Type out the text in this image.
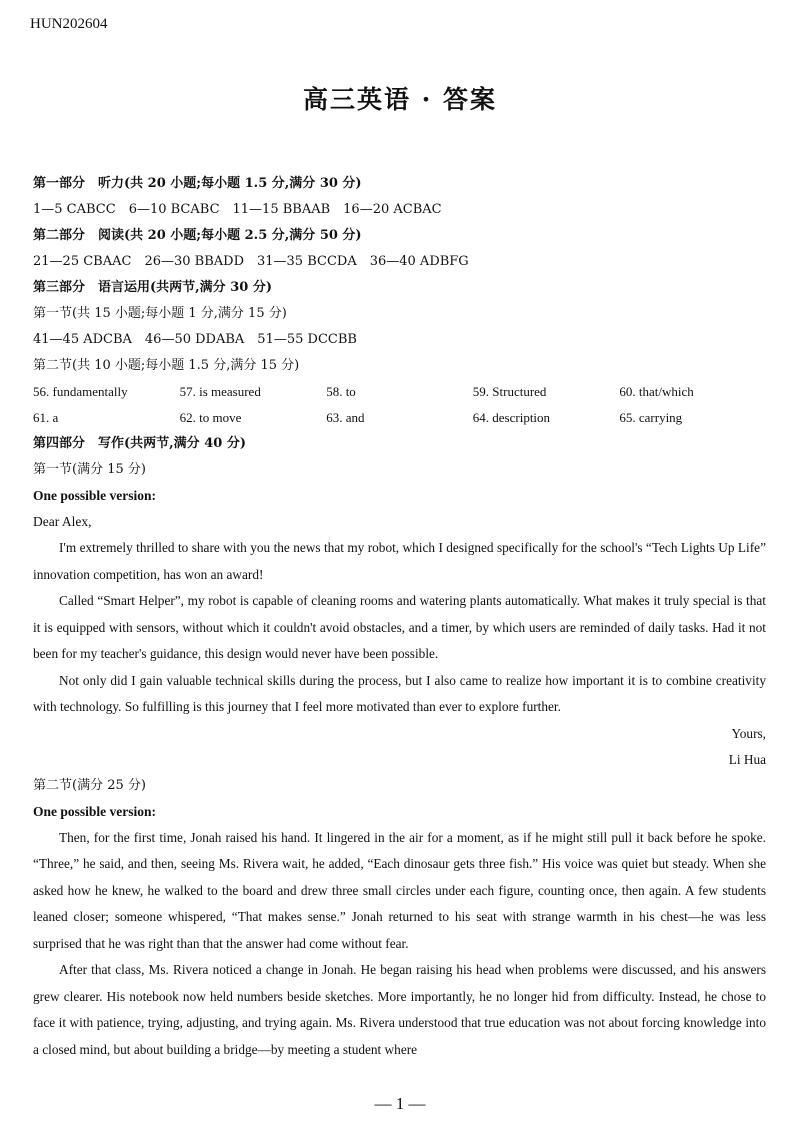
HUN202604
高三英语 · 答案
第一部分　听力(共 20 小题;每小题 1.5 分,满分 30 分)
1—5 CABCC　6—10 BCABC　11—15 BBAAB　16—20 ACBAC
第二部分　阅读(共 20 小题;每小题 2.5 分,满分 50 分)
21—25 CBAAC　26—30 BBADD　31—35 BCCDA　36—40 ADBFG
第三部分　语言运用(共两节,满分 30 分)
第一节(共 15 小题;每小题 1 分,满分 15 分)
41—45 ADCBA　46—50 DDABA　51—55 DCCBB
第二节(共 10 小题;每小题 1.5 分,满分 15 分)
56. fundamentally	57. is measured	58. to	59. Structured	60. that/which
61. a	62. to move	63. and	64. description	65. carrying
第四部分　写作(共两节,满分 40 分)
第一节(满分 15 分)
One possible version:
Dear Alex,

I'm extremely thrilled to share with you the news that my robot, which I designed specifically for the school's “Tech Lights Up Life” innovation competition, has won an award!

Called “Smart Helper”, my robot is capable of cleaning rooms and watering plants automatically. What makes it truly special is that it is equipped with sensors, without which it couldn't avoid obstacles, and a timer, by which users are reminded of daily tasks. Had it not been for my teacher's guidance, this design would never have been possible.

Not only did I gain valuable technical skills during the process, but I also came to realize how important it is to combine creativity with technology. So fulfilling is this journey that I feel more motivated than ever to explore further.

Yours,
Li Hua
第二节(满分 25 分)
One possible version:

Then, for the first time, Jonah raised his hand. It lingered in the air for a moment, as if he might still pull it back before he spoke. “Three,” he said, and then, seeing Ms. Rivera wait, he added, “Each dinosaur gets three fish.” His voice was quiet but steady. When she asked how he knew, he walked to the board and drew three small circles under each figure, counting once, then again. A few students leaned closer; someone whispered, “That makes sense.” Jonah returned to his seat with strange warmth in his chest—he was less surprised that he was right than that the answer had come without fear.

After that class, Ms. Rivera noticed a change in Jonah. He began raising his head when problems were discussed, and his answers grew clearer. His notebook now held numbers beside sketches. More importantly, he no longer hid from difficulty. Instead, he chose to face it with patience, trying, adjusting, and trying again. Ms. Rivera understood that true education was not about forcing knowledge into a closed mind, but about building a bridge—by meeting a student where

— 1 —
